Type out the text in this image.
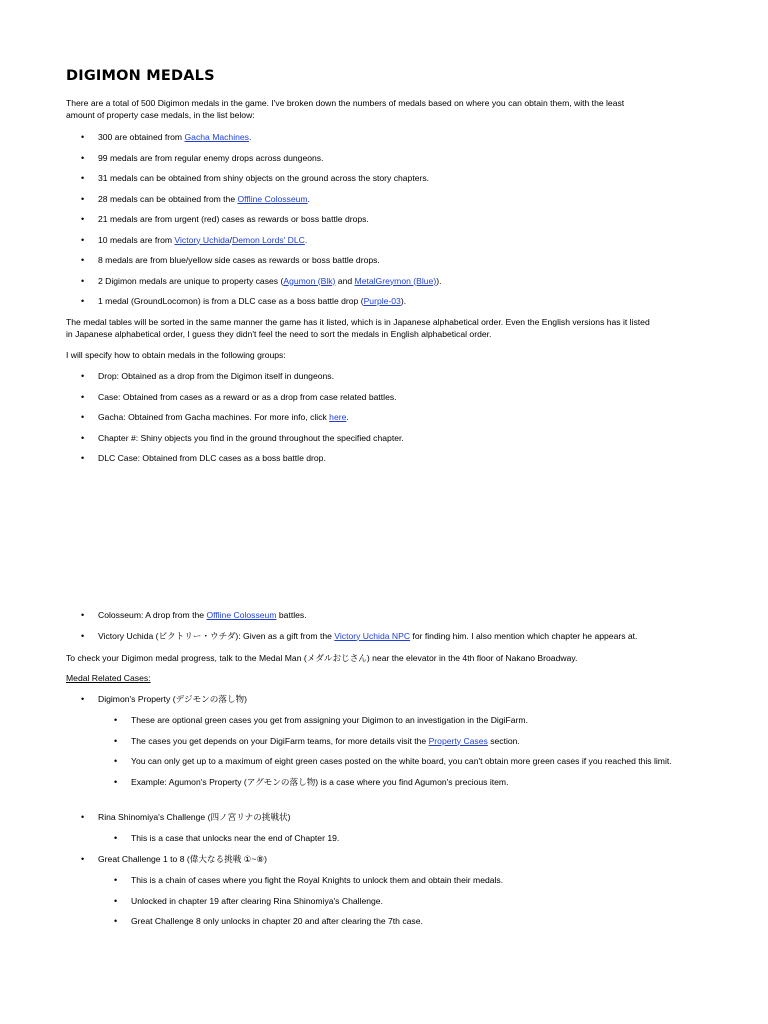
DIGIMON MEDALS

There are a total of 500 Digimon medals in the game. I've broken down the numbers of medals based on where you can obtain them, with the least
amount of property case medals, in the list below:

• 300 are obtained from Gacha Machines.
• 99 medals are from regular enemy drops across dungeons.
• 31 medals can be obtained from shiny objects on the ground across the story chapters.
• 28 medals can be obtained from the Offline Colosseum.
• 21 medals are from urgent (red) cases as rewards or boss battle drops.
• 10 medals are from Victory Uchida/Demon Lords' DLC.
• 8 medals are from blue/yellow side cases as rewards or boss battle drops.
• 2 Digimon medals are unique to property cases (Agumon (Blk) and MetalGreymon (Blue)).
• 1 medal (GroundLocomon) is from a DLC case as a boss battle drop (Purple-03).

The medal tables will be sorted in the same manner the game has it listed, which is in Japanese alphabetical order. Even the English versions has it listed
in Japanese alphabetical order, I guess they didn't feel the need to sort the medals in English alphabetical order.

I will specify how to obtain medals in the following groups:

• Drop: Obtained as a drop from the Digimon itself in dungeons.
• Case: Obtained from cases as a reward or as a drop from case related battles.
• Gacha: Obtained from Gacha machines. For more info, click here.
• Chapter #: Shiny objects you find in the ground throughout the specified chapter.
• DLC Case: Obtained from DLC cases as a boss battle drop.
• Colosseum: A drop from the Offline Colosseum battles.
• Victory Uchida (ビクトリー・ウチダ): Given as a gift from the Victory Uchida NPC for finding him. I also mention which chapter he appears at.

To check your Digimon medal progress, talk to the Medal Man (メダルおじさん) near the elevator in the 4th floor of Nakano Broadway.

Medal Related Cases:

• Digimon's Property (デジモンの落し物)
• These are optional green cases you get from assigning your Digimon to an investigation in the DigiFarm.
• The cases you get depends on your DigiFarm teams, for more details visit the Property Cases section.
• You can only get up to a maximum of eight green cases posted on the white board, you can't obtain more green cases if you reached this limit.
• Example: Agumon's Property (アグモンの落し物) is a case where you find Agumon's precious item.
• Rina Shinomiya's Challenge (四ノ宮リナの挑戦状)
• This is a case that unlocks near the end of Chapter 19.
• Great Challenge 1 to 8 (偉大なる挑戦 ①~⑧)
• This is a chain of cases where you fight the Royal Knights to unlock them and obtain their medals.
• Unlocked in chapter 19 after clearing Rina Shinomiya's Challenge.
• Great Challenge 8 only unlocks in chapter 20 and after clearing the 7th case.
